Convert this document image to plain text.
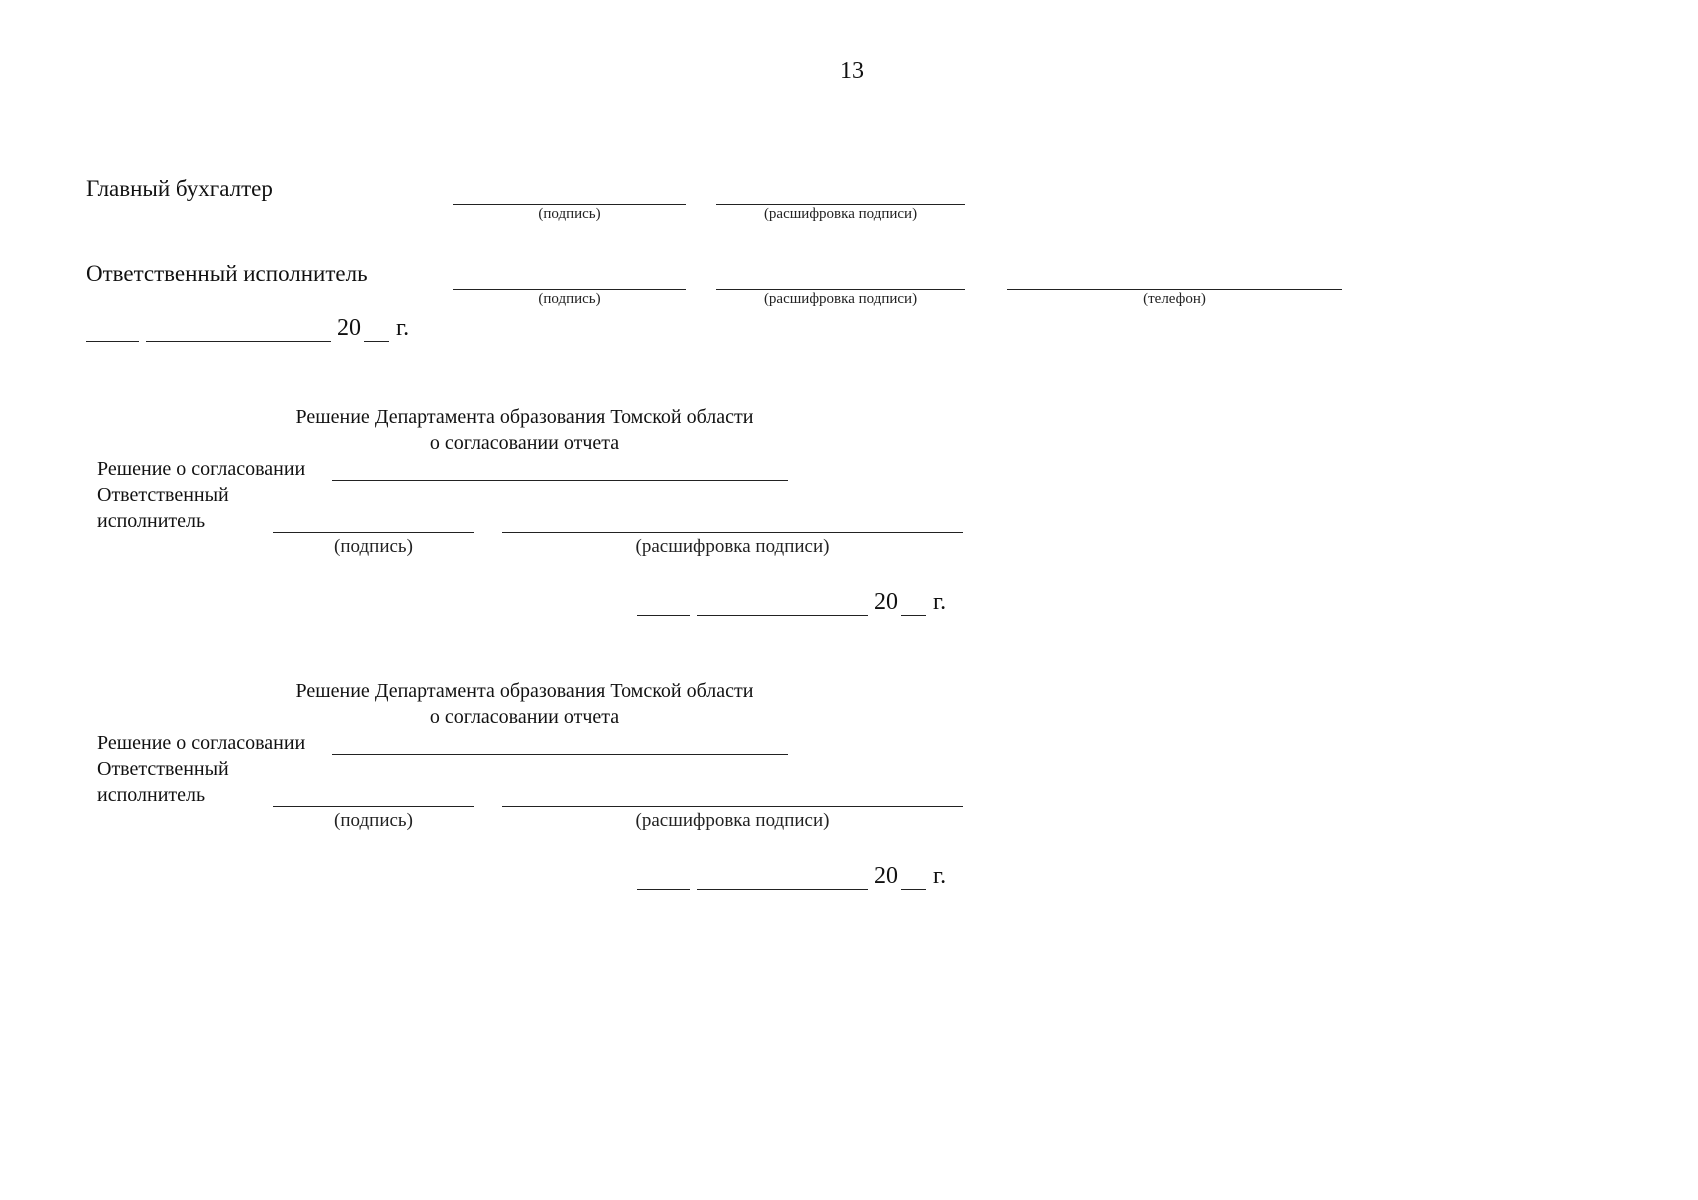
13
Главный бухгалтер
(подпись)	(расшифровка подписи)
Ответственный исполнитель
(подпись)	(расшифровка подписи)	(телефон)
20 г.
Решение Департамента образования Томской области
о согласовании отчета
Решение о согласовании
Ответственный
исполнитель
(подпись)	(расшифровка подписи)
20 г.
Решение Департамента образования Томской области
о согласовании отчета
Решение о согласовании
Ответственный
исполнитель
(подпись)	(расшифровка подписи)
20 г.
